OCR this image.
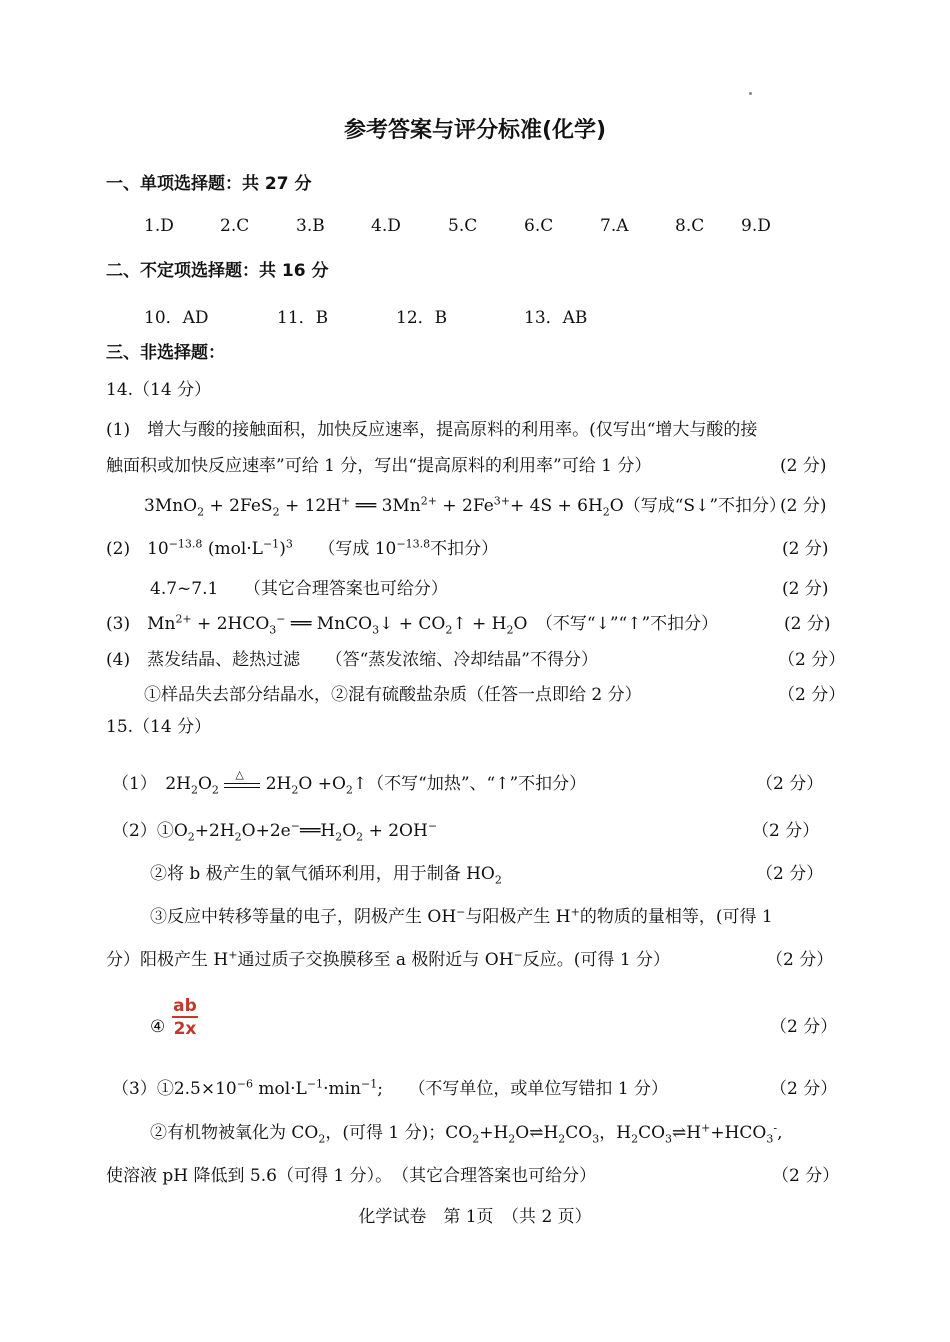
参考答案与评分标准(化学)
一、单项选择题：共 27 分
1.D	2.C	3.B	4.D	5.C	6.C	7.A	8.C 9.D
二、不定项选择题：共 16 分
10．AD	11．B	12．B	13．AB
三、非选择题：
14.（14 分）
(1)　增大与酸的接触面积，加快反应速率，提高原料的利用率。(仅写出“增大与酸的接
触面积或加快反应速率”可给 1 分，写出“提高原料的利用率”可给 1 分）	(2 分)
3MnO$_2$ + 2FeS$_2$ + 12H+ ══ $3Mn^{2+} + 2Fe^{3+}+ 4S + 6H_2O$（写成“S↓”不扣分）
(2 分)
(2)　$10^{-13.8}$ $(mol\cdot L^{-1})^3$　　 （写成 $10^{-13.8}$不扣分）	(2 分)
4.7~7.1　　（其它合理答案也可给分）	(2 分)
(3)　$Mn^{2+} + 2HCO_3^-$ ══ MnCO$_3$↓ + $CO_2↑ + H_2O$　（不写“↓”“↑”不扣分）	(2 分)
(4)　蒸发结晶、趁热过滤　　（答“蒸发浓缩、冷却结晶”不得分）	（2 分）
①样品失去部分结晶水，②混有硫酸盐杂质（任答一点即给 2 分）	（2 分）
15.（14 分）
（1）　$2H_2O_2$
△ $2H_2O$ $+O_2↑$（不写“加热”、“↑”不扣分）	（2 分）
$(2)①O_2+2H_2O+2e^-══H_2O_2 + 2OH^-$	（2 分）
②将 b 极产生的氧气循环利用，用于制备 $HO_2$	（2 分）
③反应中转移等量的电子，阴极产生 OH−与阳极产生 H+的物质的量相等，(可得 1
分）阳极产生 H+通过质子交换膜移至 a 极附近与 OH−反应。(可得 1 分）	（2 分）
④ $\frac{ab}{2x}$	（2 分）
$(3)①2.5\times 10^{-6}$ $mol\cdot L^{-1}\cdot\min^{-1}$;　　（不写单位，或单位写错扣 1 分）	（2 分）
②有机物被氧化为 $CO_2$，(可得 1 分)；$CO_2+H_2O\rightleftharpoons H_2CO_3$，$H_2CO_3\rightleftharpoons H^++HCO_3^-$,
使溶液 pH 降低到 5.6（可得 1 分）。　（其它合理答案也可给分）	（2 分）
化学试卷　第 1页　（共 2 页）
